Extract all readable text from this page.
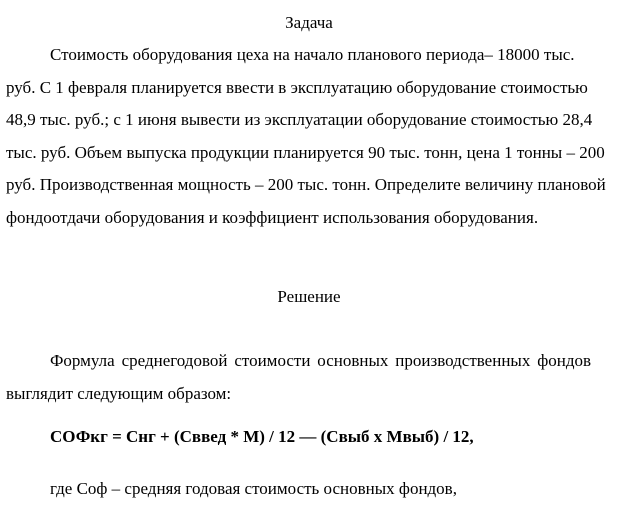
Задача

Стоимость оборудования цеха на начало планового периода– 18000 тыс. руб. С 1 февраля планируется ввести в эксплуатацию оборудование стоимостью 48,9 тыс. руб.; с 1 июня вывести из эксплуатации оборудование стоимостью 28,4 тыс. руб. Объем выпуска продукции планируется 90 тыс. тонн, цена 1 тонны – 200 руб. Производственная мощность – 200 тыс. тонн. Определите величину плановой фондоотдачи оборудования и коэффициент использования оборудования.

Решение

Формула среднегодовой стоимости основных производственных фондов выглядит следующим образом:

СОФкг = Снг + (Сввед * М) / 12 — (Свыб х Мвыб) / 12,
где Соф – средняя годовая стоимость основных фондов,
